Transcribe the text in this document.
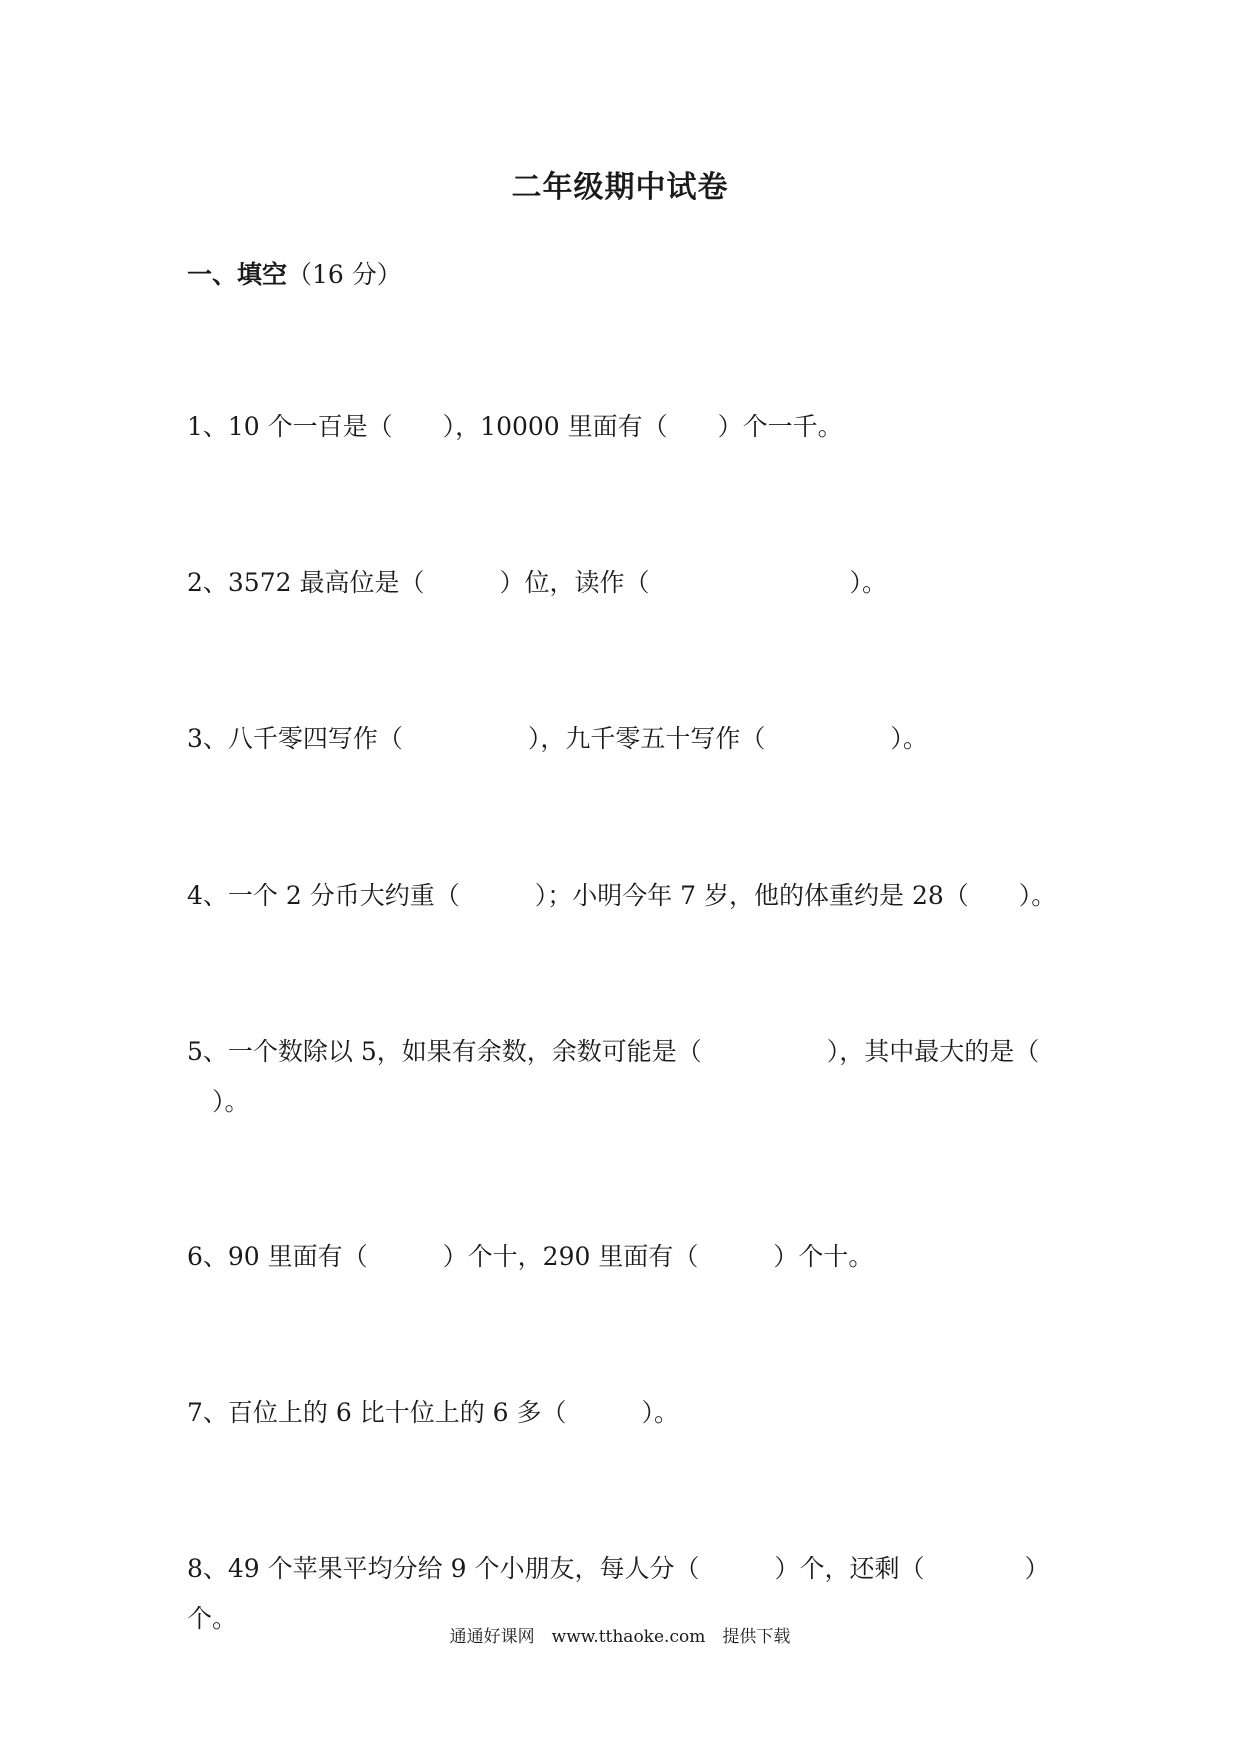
二年级期中试卷
一、填空（16 分）
1、10 个一百是（　　），10000 里面有（　　）个一千。
2、3572 最高位是（　　　）位，读作（　　　　　　　　）。
3、八千零四写作（　　　　　），九千零五十写作（　　　　　）。
4、一个 2 分币大约重（　　　）；小明今年 7 岁，他的体重约是 28（　　）。
5、一个数除以 5，如果有余数，余数可能是（　　　　　），其中最大的是（
　）。
6、90 里面有（　　　）个十，290 里面有（　　　）个十。
7、百位上的 6 比十位上的 6 多（　　　）。
8、49 个苹果平均分给 9 个小朋友，每人分（　　　）个，还剩（　　　　）个。
通通好课网　www.tthaoke.com　提供下载
